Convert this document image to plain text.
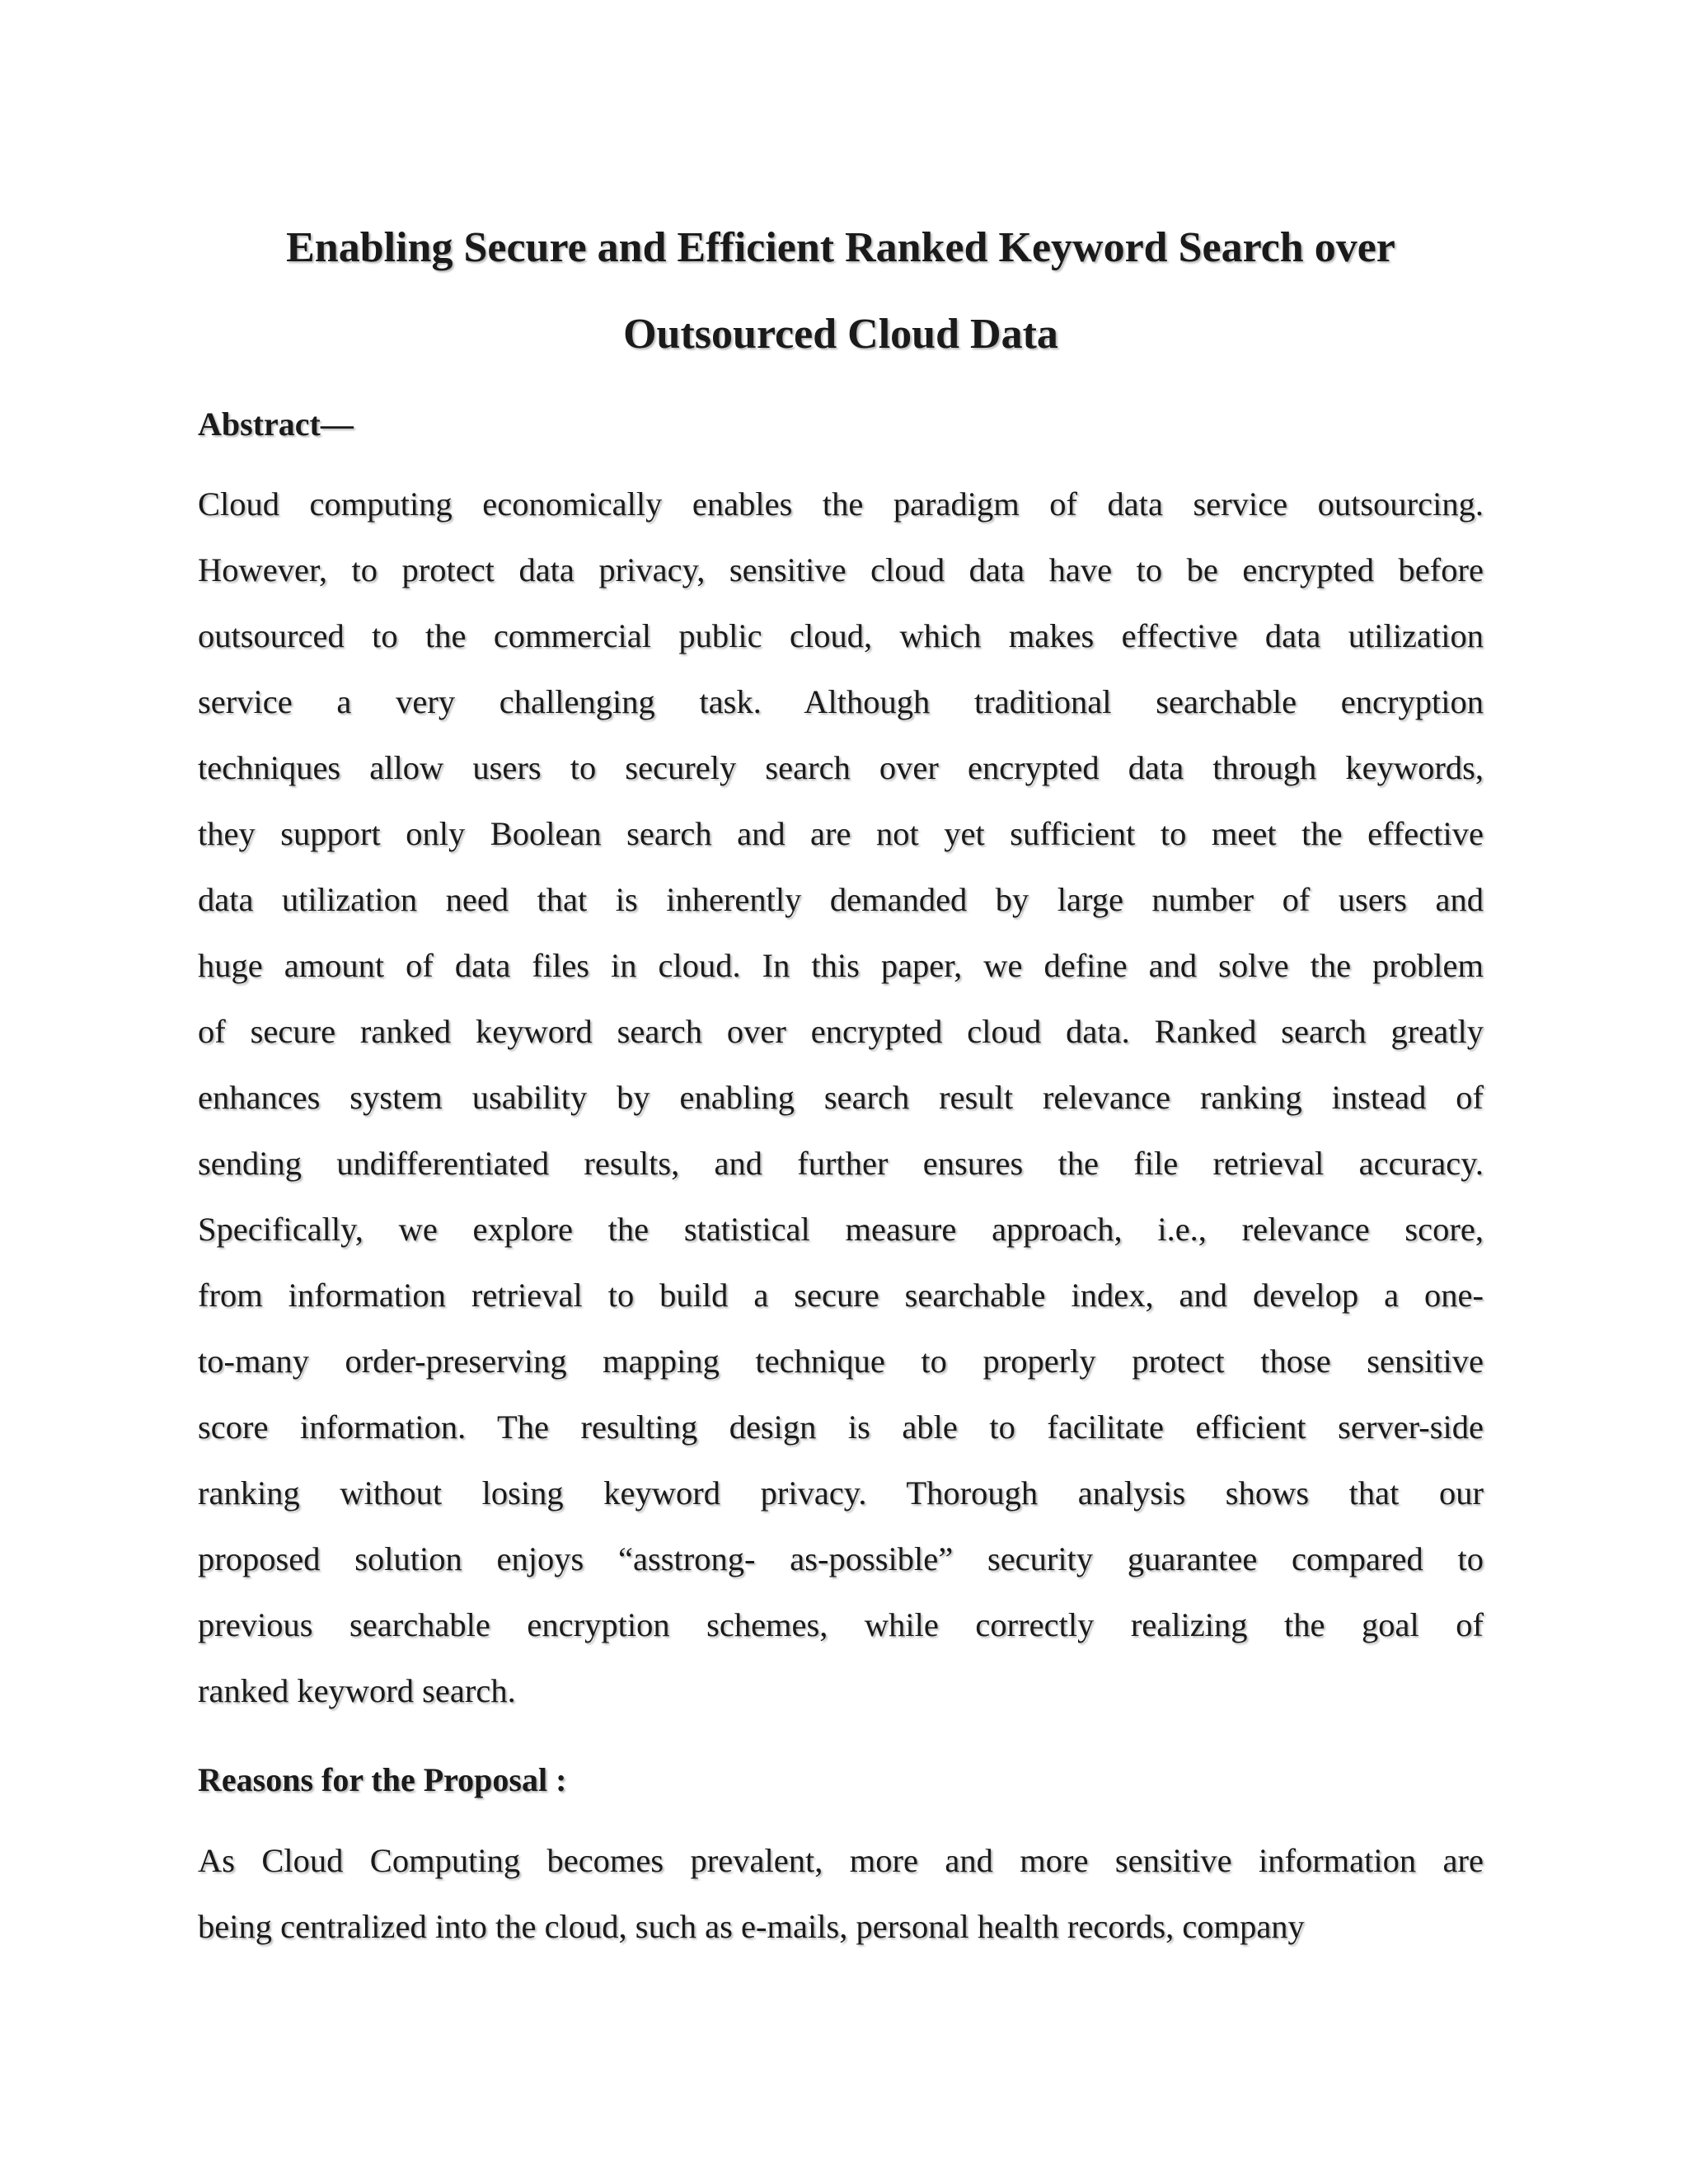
Enabling Secure and Efficient Ranked Keyword Search over
Outsourced Cloud Data
Abstract—
Cloud computing economically enables the paradigm of data service outsourcing.
However, to protect data privacy, sensitive cloud data have to be encrypted before
outsourced to the commercial public cloud, which makes effective data utilization
service a very challenging task. Although traditional searchable encryption
techniques allow users to securely search over encrypted data through keywords,
they support only Boolean search and are not yet sufficient to meet the effective
data utilization need that is inherently demanded by large number of users and
huge amount of data files in cloud. In this paper, we define and solve the problem
of secure ranked keyword search over encrypted cloud data. Ranked search greatly
enhances system usability by enabling search result relevance ranking instead of
sending undifferentiated results, and further ensures the file retrieval accuracy.
Specifically, we explore the statistical measure approach, i.e., relevance score,
from information retrieval to build a secure searchable index, and develop a one-
to-many order-preserving mapping technique to properly protect those sensitive
score information. The resulting design is able to facilitate efficient server-side
ranking without losing keyword privacy. Thorough analysis shows that our
proposed solution enjoys “asstrong- as-possible” security guarantee compared to
previous searchable encryption schemes, while correctly realizing the goal of
ranked keyword search.
Reasons for the Proposal :
As Cloud Computing becomes prevalent, more and more sensitive information are
being centralized into the cloud, such as e-mails, personal health records, company
